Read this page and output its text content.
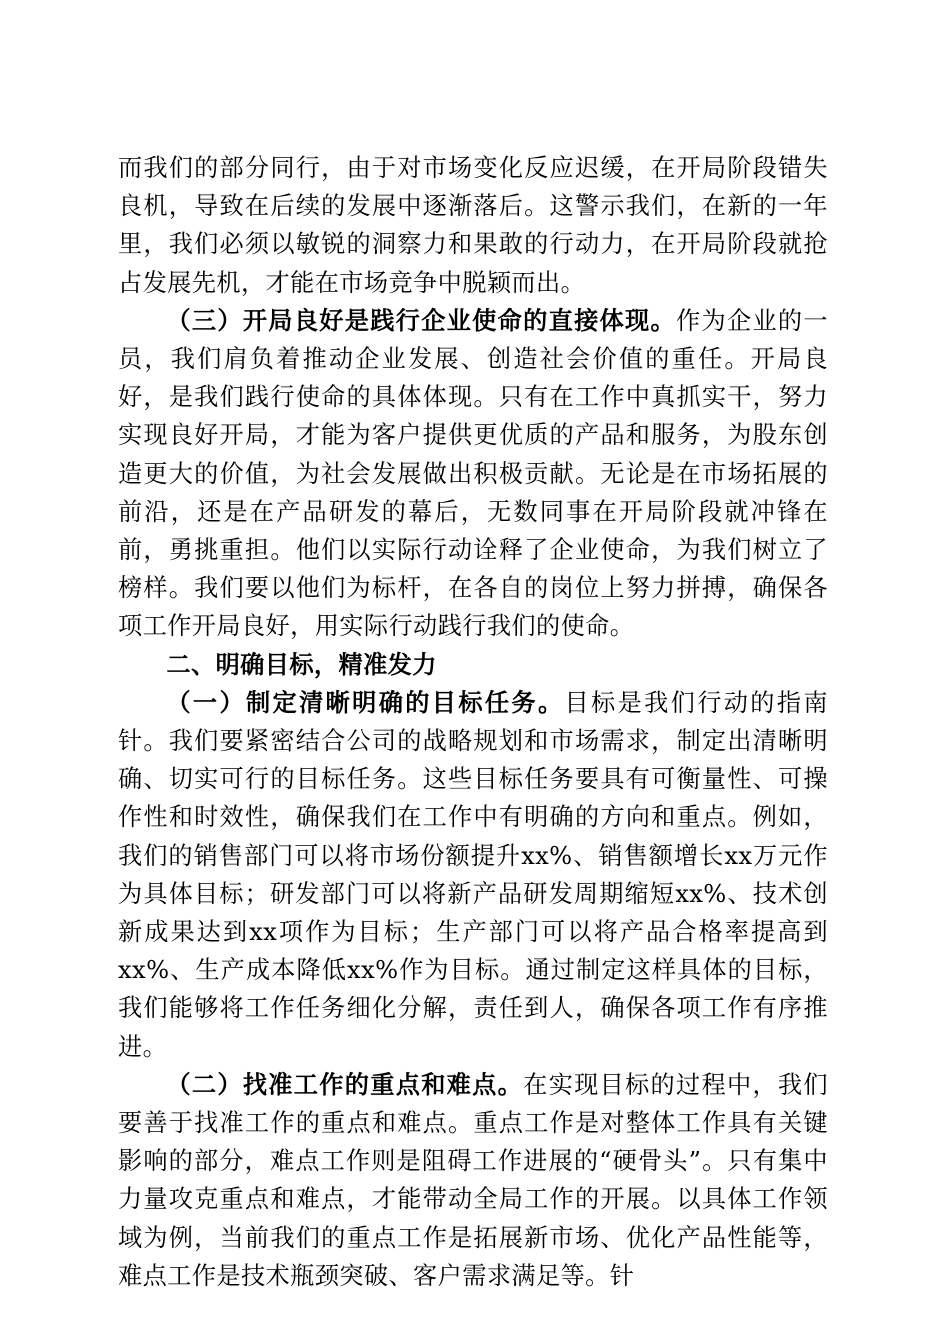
而我们的部分同行，由于对市场变化反应迟缓，在开局阶段错失良机，导致在后续的发展中逐渐落后。这警示我们，在新的一年里，我们必须以敏锐的洞察力和果敢的行动力，在开局阶段就抢占发展先机，才能在市场竞争中脱颖而出。

（三）开局良好是践行企业使命的直接体现。作为企业的一员，我们肩负着推动企业发展、创造社会价值的重任。开局良好，是我们践行使命的具体体现。只有在工作中真抓实干，努力实现良好开局，才能为客户提供更优质的产品和服务，为股东创造更大的价值，为社会发展做出积极贡献。无论是在市场拓展的前沿，还是在产品研发的幕后，无数同事在开局阶段就冲锋在前，勇挑重担。他们以实际行动诠释了企业使命，为我们树立了榜样。我们要以他们为标杆，在各自的岗位上努力拼搏，确保各项工作开局良好，用实际行动践行我们的使命。

二、明确目标，精准发力

（一）制定清晰明确的目标任务。目标是我们行动的指南针。我们要紧密结合公司的战略规划和市场需求，制定出清晰明确、切实可行的目标任务。这些目标任务要具有可衡量性、可操作性和时效性，确保我们在工作中有明确的方向和重点。例如，我们的销售部门可以将市场份额提升xx%、销售额增长xx万元作为具体目标；研发部门可以将新产品研发周期缩短xx%、技术创新成果达到xx项作为目标；生产部门可以将产品合格率提高到xx%、生产成本降低xx%作为目标。通过制定这样具体的目标，我们能够将工作任务细化分解，责任到人，确保各项工作有序推进。

（二）找准工作的重点和难点。在实现目标的过程中，我们要善于找准工作的重点和难点。重点工作是对整体工作具有关键影响的部分，难点工作则是阻碍工作进展的“硬骨头”。只有集中力量攻克重点和难点，才能带动全局工作的开展。以具体工作领域为例，当前我们的重点工作是拓展新市场、优化产品性能等，难点工作是技术瓶颈突破、客户需求满足等。针
